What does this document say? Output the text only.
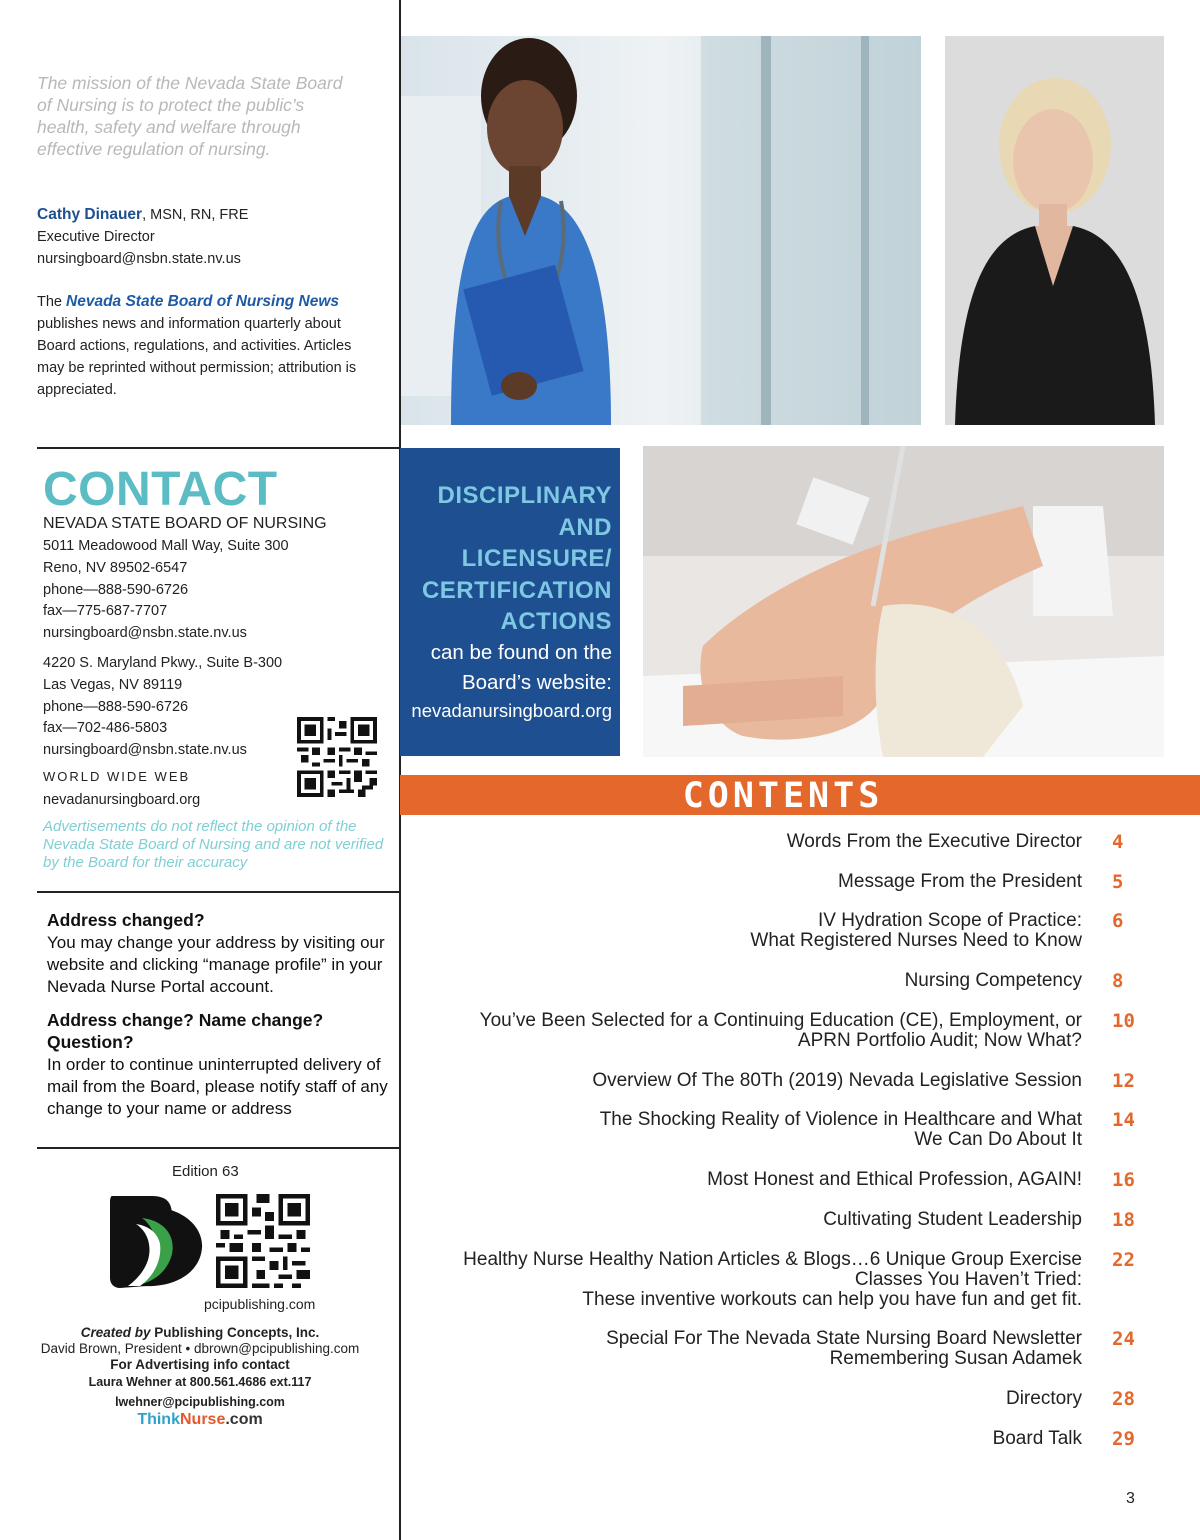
The mission of the Nevada State Board of Nursing is to protect the public’s health, safety and welfare through effective regulation of nursing.

Cathy Dinauer, MSN, RN, FRE
Executive Director
nursingboard@nsbn.state.nv.us

The Nevada State Board of Nursing News publishes news and information quarterly about Board actions, regulations, and activities. Articles may be reprinted without permission; attribution is appreciated.

CONTACT
NEVADA STATE BOARD OF NURSING
5011 Meadowood Mall Way, Suite 300
Reno, NV 89502-6547
phone—888-590-6726
fax—775-687-7707
nursingboard@nsbn.state.nv.us
4220 S. Maryland Pkwy., Suite B-300
Las Vegas, NV 89119
phone—888-590-6726
fax—702-486-5803
nursingboard@nsbn.state.nv.us
WORLD WIDE WEB
nevadanursingboard.org

Advertisements do not reflect the opinion of the Nevada State Board of Nursing and are not verified by the Board for their accuracy

Address changed?

You may change your address by visiting our website and clicking “manage profile” in your Nevada Nurse Portal account.

Address change? Name change? Question?

In order to continue uninterrupted delivery of mail from the Board, please notify staff of any change to your name or address

Edition 63
pcipublishing.com
Created by Publishing Concepts, Inc.
David Brown, President • dbrown@pcipublishing.com
For Advertising info contact
Laura Wehner at 800.561.4686 ext.117
lwehner@pcipublishing.com
ThinkNurse.com
DISCIPLINARY
AND
LICENSURE/
CERTIFICATION
ACTIONS
can be found on the
Board’s website:
nevadanursingboard.org
CONTENTS
Words From the Executive Director 4
Message From the President 5
IV Hydration Scope of Practice:
What Registered Nurses Need to Know
6
Nursing Competency 8
You’ve Been Selected for a Continuing Education (CE), Employment, or
APRN Portfolio Audit; Now What?
10
Overview Of The 80Th (2019) Nevada Legislative Session 12
The Shocking Reality of Violence in Healthcare and What
We Can Do About It
14
Most Honest and Ethical Profession, AGAIN! 16
Cultivating Student Leadership 18
Healthy Nurse Healthy Nation Articles & Blogs…6 Unique Group Exercise
Classes You Haven’t Tried:
These inventive workouts can help you have fun and get fit.
22
Special For The Nevada State Nursing Board Newsletter
Remembering Susan Adamek
24
Directory 28
Board Talk 29
3
